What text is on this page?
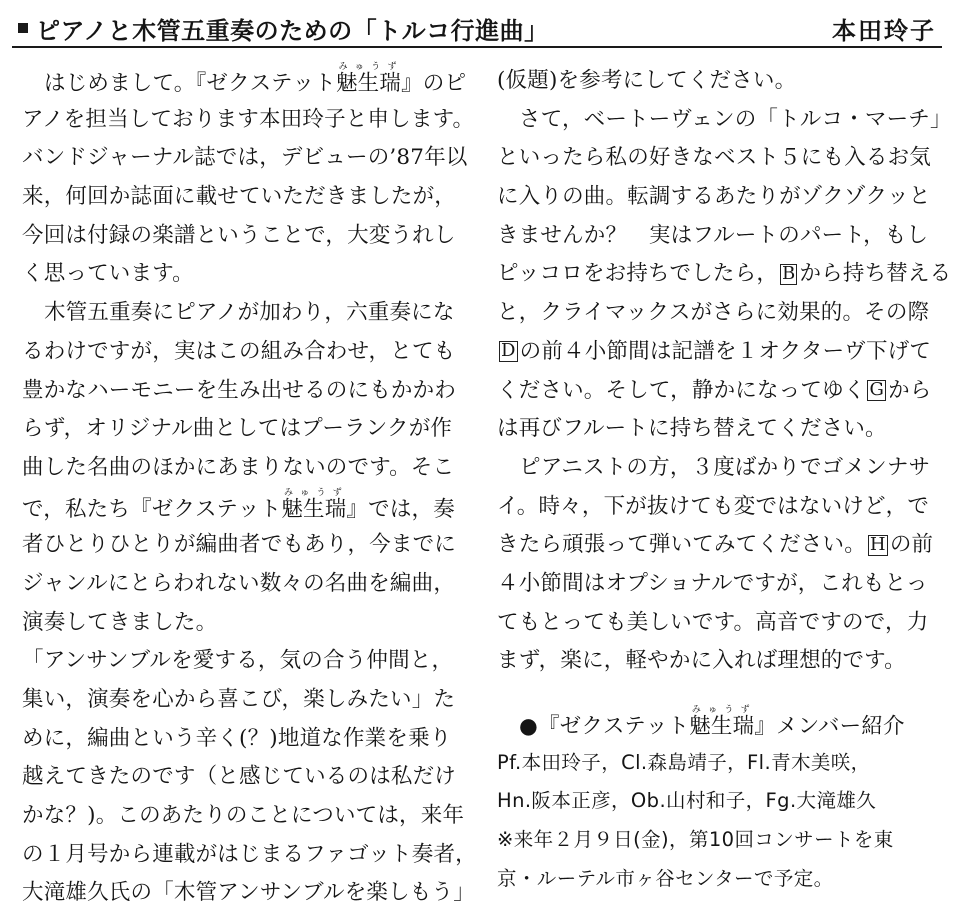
ピアノと木管五重奏のための「トルコ行進曲」	本田玲子
はじめまして。『ゼクステット魅生瑞みゅうず』のピ
アノを担当しております本田玲子と申します。
バンドジャーナル誌では，デビューの’87年以
来，何回か誌面に載せていただきましたが，
今回は付録の楽譜ということで，大変うれし
く思っています。
木管五重奏にピアノが加わり，六重奏にな
るわけですが，実はこの組み合わせ，とても
豊かなハーモニーを生み出せるのにもかかわ
らず，オリジナル曲としてはプーランクが作
曲した名曲のほかにあまりないのです。そこ
で，私たち『ゼクステット魅生瑞みゅうず』では，奏
者ひとりひとりが編曲者でもあり，今までに
ジャンルにとらわれない数々の名曲を編曲，
演奏してきました。
「アンサンブルを愛する，気の合う仲間と，
集い，演奏を心から喜こび，楽しみたい」た
めに，編曲という辛く(？)地道な作業を乗り
越えてきたのです（と感じているのは私だけ
かな？)。このあたりのことについては，来年
の１月号から連載がはじまるファゴット奏者，
大滝雄久氏の「木管アンサンブルを楽しもう」
(仮題)を参考にしてください。
さて，ベートーヴェンの「トルコ・マーチ」
といったら私の好きなベスト５にも入るお気
に入りの曲。転調するあたりがゾクゾクッと
きませんか？　実はフルートのパート，もし
ピッコロをお持ちでしたら， B から持ち替える
と，クライマックスがさらに効果的。その際
D の前４小節間は記譜を１オクターヴ下げて
ください。そして，静かになってゆく G から
は再びフルートに持ち替えてください。
ピアニストの方，３度ばかりでゴメンナサ
イ。時々，下が抜けても変ではないけど，で
きたら頑張って弾いてみてください。 H の前
４小節間はオプショナルですが，これもとっ
てもとっても美しいです。高音ですので，力
まず，楽に，軽やかに入れば理想的です。
●『ゼクステット魅生瑞みゅうず』メンバー紹介
Pf.本田玲子，Cl.森島靖子，Fl.青木美咲，
Hn.阪本正彦，Ob.山村和子，Fg.大滝雄久
※来年２月９日(金)，第10回コンサートを東
京・ルーテル市ヶ谷センターで予定。
